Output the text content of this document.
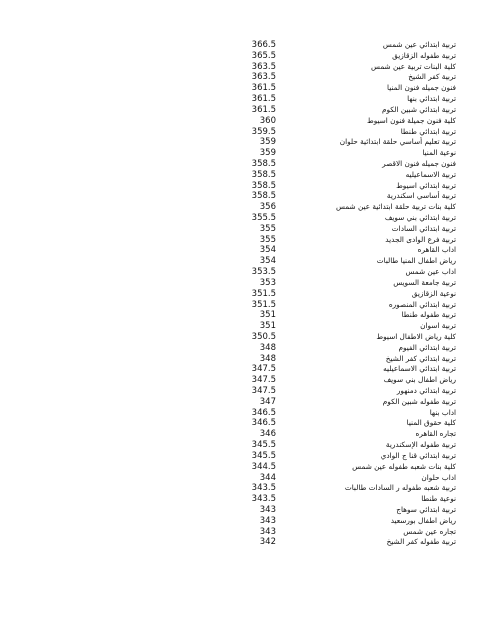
366.5	تربية ابتدائي عين شمس
365.5	تربية طفوله الزقازيق
363.5	كلية البنات تربية عين شمس
363.5	تربية كفر الشيخ
361.5	فنون جميله فنون المنيا
361.5	تربية ابتدائي بنها
361.5	تربية ابتدائي شبين الكوم
360	كلية فنون جميلة فنون اسيوط
359.5	تربية ابتدائي طنطا
359	تربية تعليم أساسي حلقة ابتدائية حلوان
359	نوعية المنيا
358.5	فنون جميله فنون الاقصر
358.5	تربية الاسماعيليه
358.5	تربية ابتدائي اسيوط
358.5	تربية أساسي اسكندرية
356	كلية بنات تربية حلقة ابتدائية عين شمس
355.5	تربية ابتدائي بني سويف
355	تربية ابتدائي السادات
355	تربية فرع الوادى الجديد
354	اداب القاهره
354	رياض اطفال المنيا طالبات
353.5	اداب عين شمس
353	تربية جامعة السويس
351.5	نوعية الزقازيق
351.5	تربية ابتدائي المنصوره
351	تربية طفوله طنطا
351	تربية اسوان
350.5	كلية رياض الاطفال اسيوط
348	تربية ابتدائي الفيوم
348	تربية ابتدائي كفر الشيخ
347.5	تربية ابتدائي الاسماعيليه
347.5	رياض اطفال بني سويف
347.5	تربية ابتدائي دمنهور
347	تربية طفوله شبين الكوم
346.5	اداب بنها
346.5	كلية حقوق المنيا
346	تجاره القاهره
345.5	تربية طفوله الإسكندرية
345.5	تربية ابتدائي قنا ج الوادي
344.5	كلية بنات شعبه طفوله عين شمس
344	اداب حلوان
343.5	تربية شعبه طفوله ر السادات طالبات
343.5	نوعية طنطا
343	تربية ابتدائي سوهاج
343	رياض اطفال بورسعيد
343	تجاره عين شمس
342	تربية طفوله كفر الشيخ
